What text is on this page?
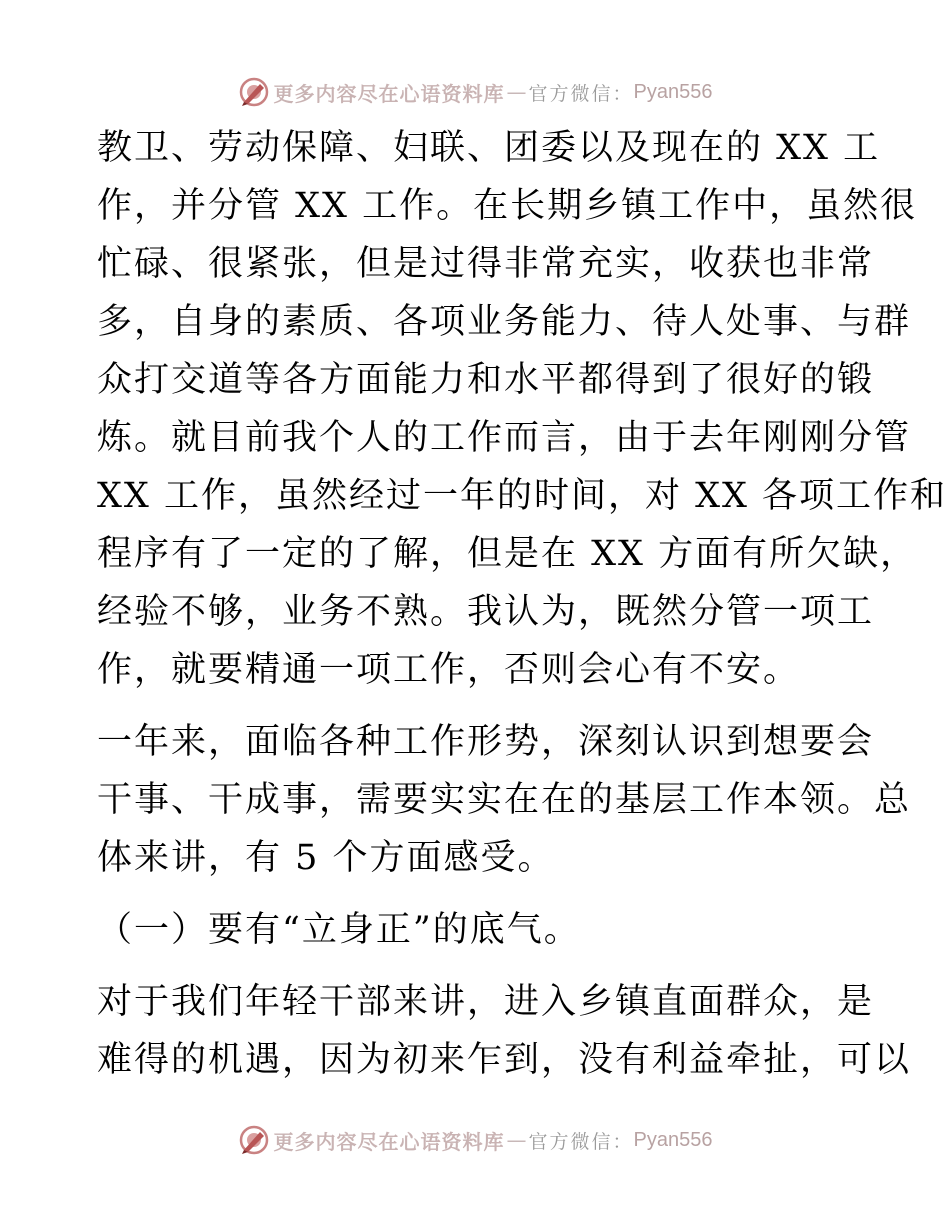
更多内容尽在心语资料库 — 官方微信： Pyan556

教卫、劳动保障、妇联、团委以及现在的 XX 工

作，并分管 XX 工作。在长期乡镇工作中，虽然很

忙碌、很紧张，但是过得非常充实，收获也非常

多，自身的素质、各项业务能力、待人处事、与群

众打交道等各方面能力和水平都得到了很好的锻

炼。就目前我个人的工作而言，由于去年刚刚分管

XX 工作，虽然经过一年的时间，对 XX 各项工作和

程序有了一定的了解，但是在 XX 方面有所欠缺，

经验不够，业务不熟。我认为，既然分管一项工

作，就要精通一项工作，否则会心有不安。

一年来，面临各种工作形势，深刻认识到想要会

干事、干成事，需要实实在在的基层工作本领。总

体来讲，有 5 个方面感受。

（一）要有“立身正”的底气。

对于我们年轻干部来讲，进入乡镇直面群众，是

难得的机遇，因为初来乍到，没有利益牵扯，可以

更多内容尽在心语资料库 — 官方微信： Pyan556
